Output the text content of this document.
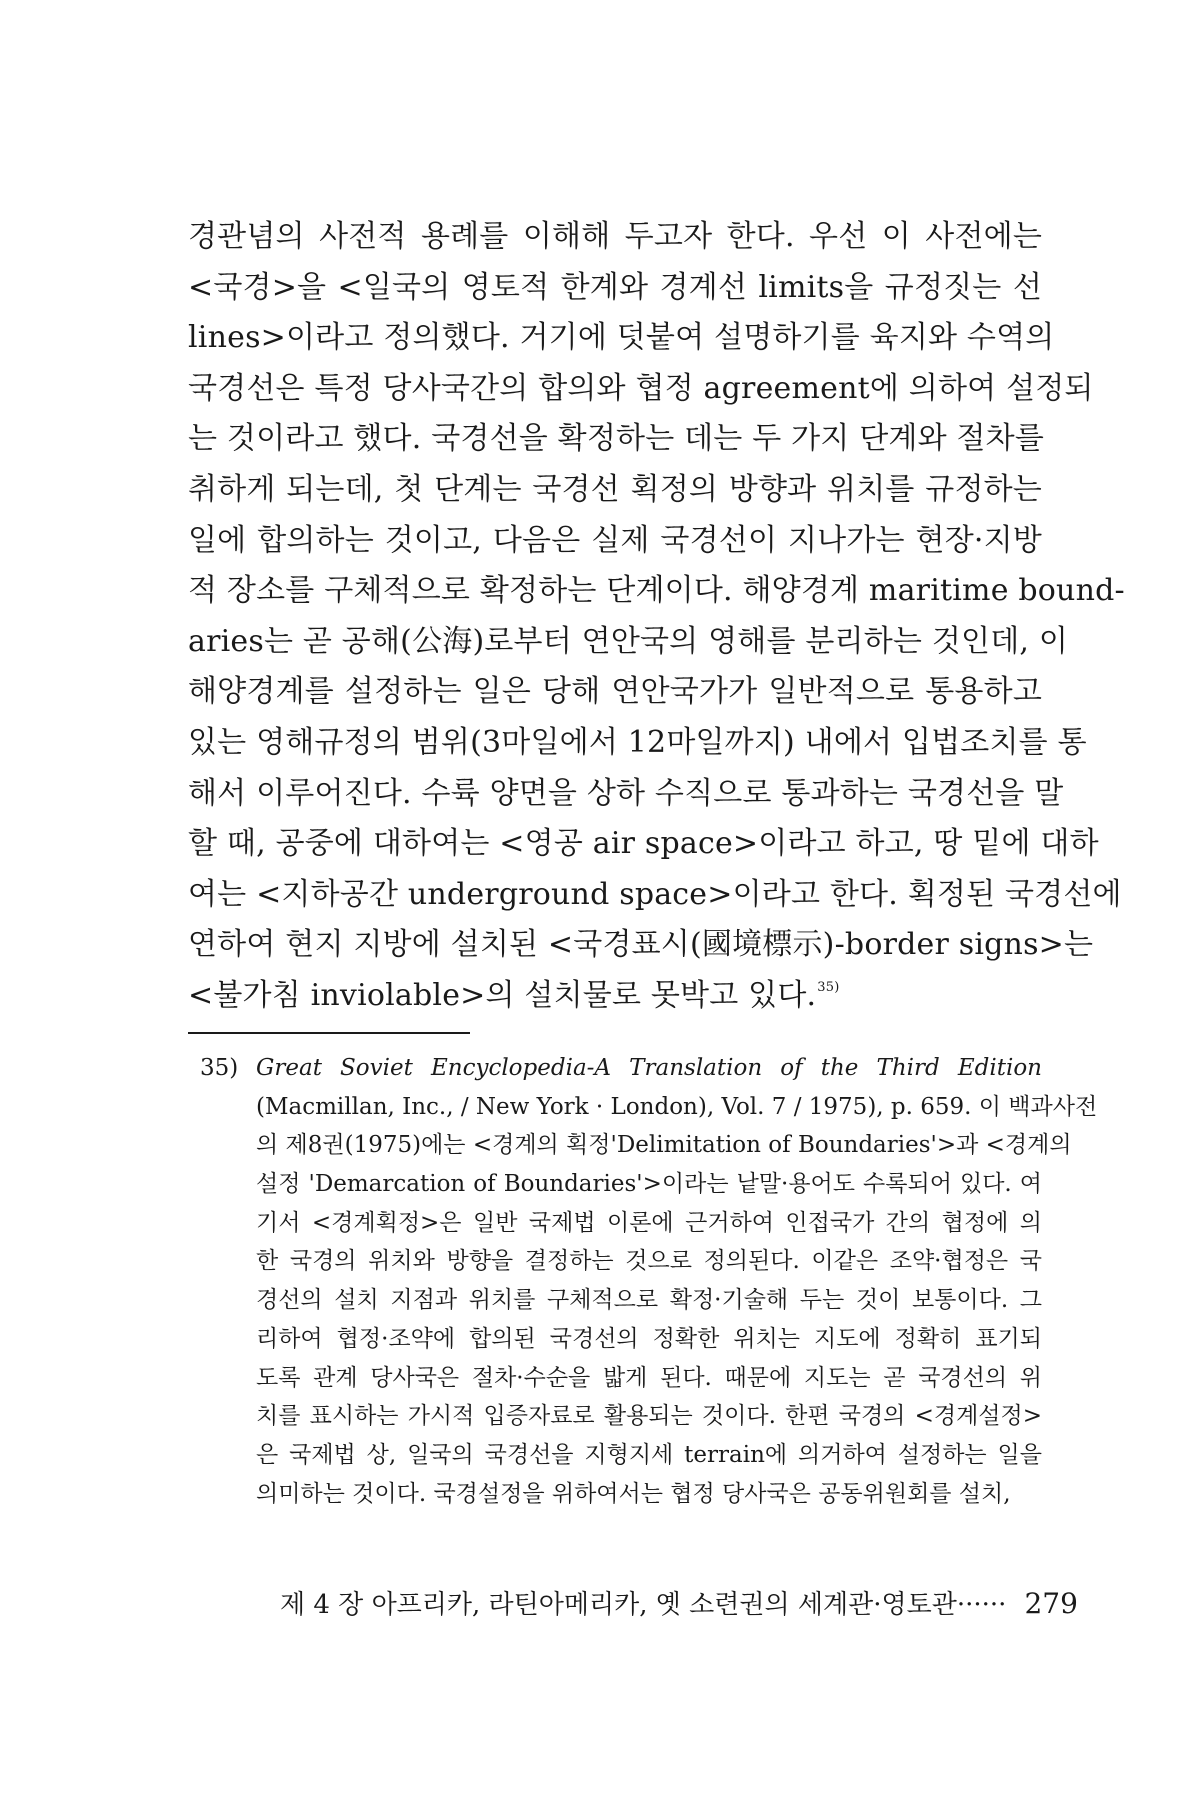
경관념의 사전적 용례를 이해해 두고자 한다. 우선 이 사전에는
<국경>을 <일국의 영토적 한계와 경계선 limits을 규정짓는 선
lines>이라고 정의했다. 거기에 덧붙여 설명하기를 육지와 수역의
국경선은 특정 당사국간의 합의와 협정 agreement에 의하여 설정되
는 것이라고 했다. 국경선을 확정하는 데는 두 가지 단계와 절차를
취하게 되는데, 첫 단계는 국경선 획정의 방향과 위치를 규정하는
일에 합의하는 것이고, 다음은 실제 국경선이 지나가는 현장·지방
적 장소를 구체적으로 확정하는 단계이다. 해양경계 maritime bound-
aries는 곧 공해(公海)로부터 연안국의 영해를 분리하는 것인데, 이
해양경계를 설정하는 일은 당해 연안국가가 일반적으로 통용하고
있는 영해규정의 범위(3마일에서 12마일까지) 내에서 입법조치를 통
해서 이루어진다. 수륙 양면을 상하 수직으로 통과하는 국경선을 말
할 때, 공중에 대하여는 <영공 air space>이라고 하고, 땅 밑에 대하
여는 <지하공간 underground space>이라고 한다. 획정된 국경선에
연하여 현지 지방에 설치된 <국경표시(國境標示)-border signs>는
<불가침 inviolable>의 설치물로 못박고 있다.$^{35)}$
35) Great Soviet Encyclopedia-A Translation of the Third Edition
(Macmillan, Inc., / New York · London), Vol. 7 / 1975), p. 659. 이 백과사전
의 제8권(1975)에는 <경계의 획정'Delimitation of Boundaries'>과 <경계의
설정 'Demarcation of Boundaries'>이라는 낱말·용어도 수록되어 있다. 여
기서 <경계획정>은 일반 국제법 이론에 근거하여 인접국가 간의 협정에 의
한 국경의 위치와 방향을 결정하는 것으로 정의된다. 이같은 조약·협정은 국
경선의 설치 지점과 위치를 구체적으로 확정·기술해 두는 것이 보통이다. 그
리하여 협정·조약에 합의된 국경선의 정확한 위치는 지도에 정확히 표기되
도록 관계 당사국은 절차·수순을 밟게 된다. 때문에 지도는 곧 국경선의 위
치를 표시하는 가시적 입증자료로 활용되는 것이다. 한편 국경의 <경계설정>
은 국제법 상, 일국의 국경선을 지형지세 terrain에 의거하여 설정하는 일을
의미하는 것이다. 국경설정을 위하여서는 협정 당사국은 공동위원회를 설치,
제 4 장 아프리카, 라틴아메리카, 옛 소련권의 세계관·영토관······ 279
